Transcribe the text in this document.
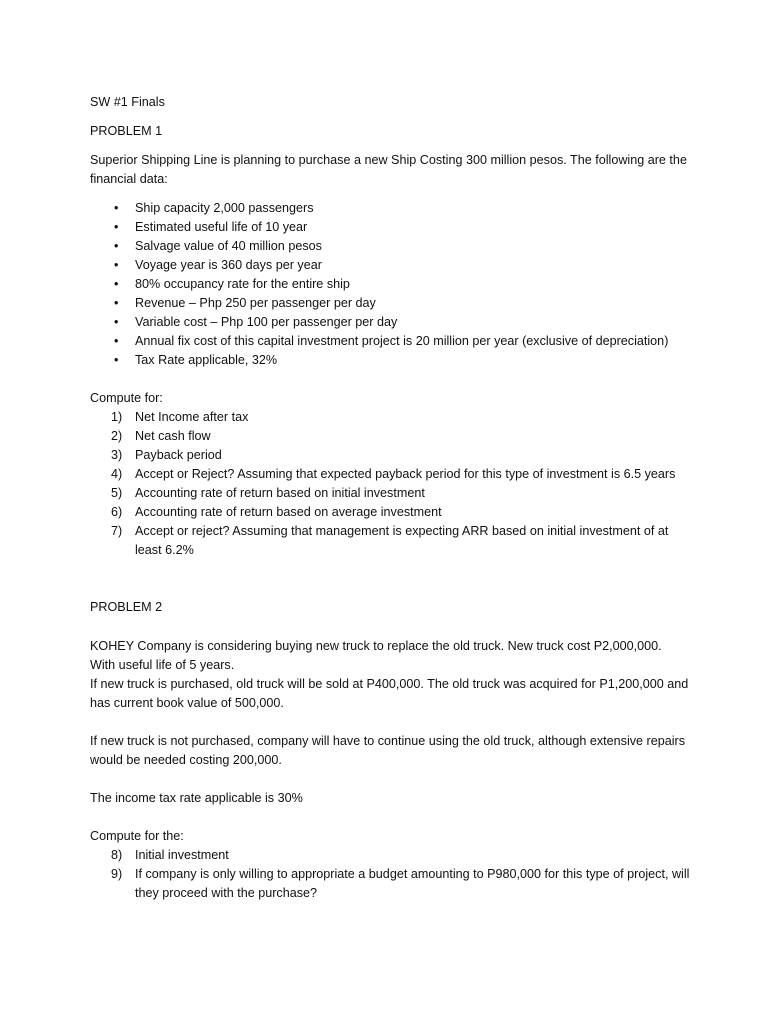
SW #1 Finals

PROBLEM 1

Superior Shipping Line is planning to purchase a new Ship Costing 300 million pesos. The following are the financial data:

• Ship capacity 2,000 passengers
• Estimated useful life of 10 year
• Salvage value of 40 million pesos
• Voyage year is 360 days per year
• 80% occupancy rate for the entire ship
• Revenue – Php 250 per passenger per day
• Variable cost – Php 100 per passenger per day
• Annual fix cost of this capital investment project is 20 million per year (exclusive of depreciation)
• Tax Rate applicable, 32%

Compute for:

1) Net Income after tax
2) Net cash flow
3) Payback period
4) Accept or Reject? Assuming that expected payback period for this type of investment is 6.5 years
5) Accounting rate of return based on initial investment
6) Accounting rate of return based on average investment
7) Accept or reject? Assuming that management is expecting ARR based on initial investment of at least 6.2%

PROBLEM 2

KOHEY Company is considering buying new truck to replace the old truck. New truck cost P2,000,000.

With useful life of 5 years.

If new truck is purchased, old truck will be sold at P400,000. The old truck was acquired for P1,200,000 and has current book value of 500,000.

If new truck is not purchased, company will have to continue using the old truck, although extensive repairs would be needed costing 200,000.

The income tax rate applicable is 30%

Compute for the:

8) Initial investment
9) If company is only willing to appropriate a budget amounting to P980,000 for this type of project, will they proceed with the purchase?
